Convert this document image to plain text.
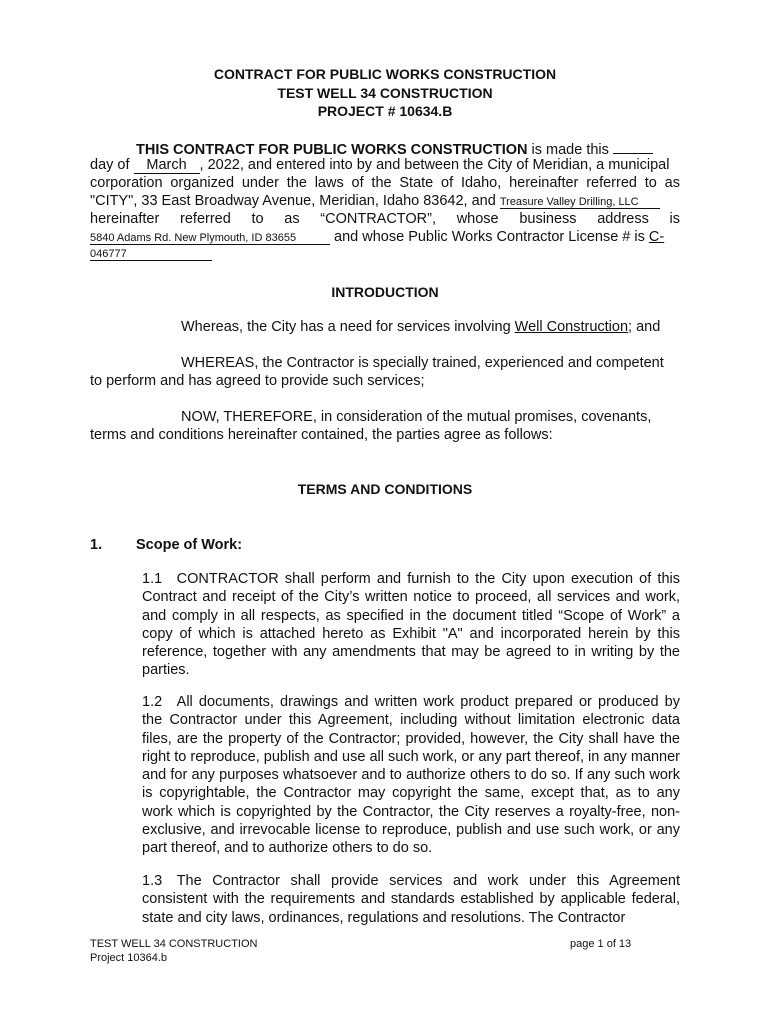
CONTRACT FOR PUBLIC WORKS CONSTRUCTION
TEST WELL 34 CONSTRUCTION
PROJECT # 10634.B
THIS CONTRACT FOR PUBLIC WORKS CONSTRUCTION is made this
day of March , 2022, and entered into by and between the City of Meridian, a municipal
corporation organized under the laws of the State of Idaho, hereinafter referred to as
"CITY", 33 East Broadway Avenue, Meridian, Idaho 83642, and Treasure Valley Drilling, LLC
hereinafter referred to as “CONTRACTOR”, whose business address is
5840 Adams Rd. New Plymouth, ID 83655 and whose Public Works Contractor License # is C-
046777
INTRODUCTION
Whereas, the City has a need for services involving Well Construction; and
WHEREAS, the Contractor is specially trained, experienced and competent
to perform and has agreed to provide such services;
NOW, THEREFORE, in consideration of the mutual promises, covenants,
terms and conditions hereinafter contained, the parties agree as follows:
TERMS AND CONDITIONS
1. Scope of Work:
1.1 CONTRACTOR shall perform and furnish to the City upon execution of this Contract and receipt of the City’s written notice to proceed, all services and work, and comply in all respects, as specified in the document titled “Scope of Work” a copy of which is attached hereto as Exhibit "A" and incorporated herein by this reference, together with any amendments that may be agreed to in writing by the parties.
1.2 All documents, drawings and written work product prepared or produced by the Contractor under this Agreement, including without limitation electronic data files, are the property of the Contractor; provided, however, the City shall have the right to reproduce, publish and use all such work, or any part thereof, in any manner and for any purposes whatsoever and to authorize others to do so. If any such work is copyrightable, the Contractor may copyright the same, except that, as to any work which is copyrighted by the Contractor, the City reserves a royalty-free, non-exclusive, and irrevocable license to reproduce, publish and use such work, or any part thereof, and to authorize others to do so.
1.3 The Contractor shall provide services and work under this Agreement consistent with the requirements and standards established by applicable federal, state and city laws, ordinances, regulations and resolutions. The Contractor
TEST WELL 34 CONSTRUCTION
Project 10364.b
page 1 of 13
